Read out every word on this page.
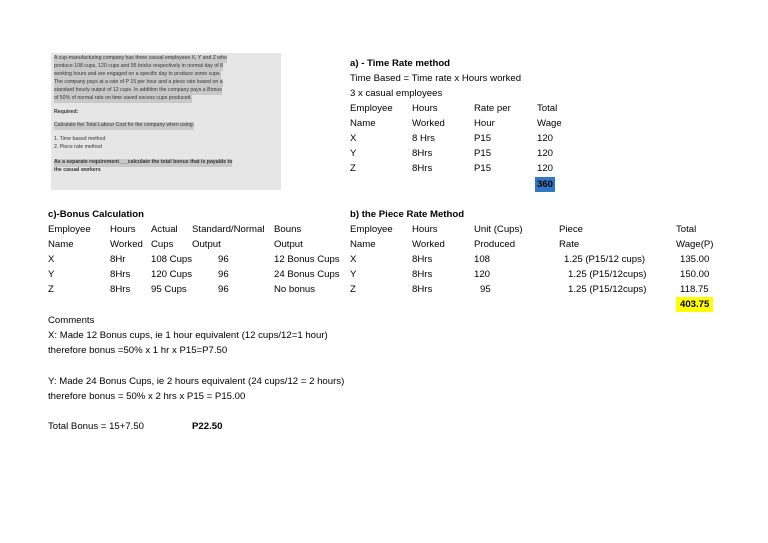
A cup-manufacturing company has three casual employees X, Y and Z who
produce 108 cups, 120 cups and 95 bricks respectively in normal day of 8
working hours and are engaged on a specific day to produce some cups.
The company pays at a rate of P 15 per hour and a piece rate based on a
standard hourly output of 12 cups. In addition the company pays a Bonus
of 50% of normal rate on time saved excess cups produced.
Required:
Calculate the Total Labour Cost for the company when using:
1. Time based method
2. Piece rate method
As a separate requirement___calculate the total bonus that is payable to
the casual workers
a) - Time Rate method
Time Based = Time rate x Hours worked
3 x casual employees
Employee Hours	Rate per	Total
Name	Worked	Hour	Wage
X	8 Hrs	P15	120
Y	8Hrs	P15	120
Z	8Hrs	P15	120
360
c)-Bonus Calculation
Employee Hours Actual Standard/Normal Bouns
Name	Worked Cups Output	Output
X	8Hr	108 Cups	96	12 Bonus Cups
Y	8Hrs 120 Cups	96	24 Bonus Cups
Z	8Hrs 95 Cups	96	No bonus
b) the Piece Rate Method
Employee Hours	Unit (Cups)	Piece	Total
Name	Worked	Produced	Rate	Wage(P)
X	8Hrs	108	1.25 (P15/12 cups)	135.00
Y	8Hrs	120	1.25 (P15/12cups)	150.00
Z	8Hrs	95	1.25 (P15/12cups)	118.75
403.75
Comments
X: Made 12 Bonus cups, ie 1 hour equivalent (12 cups/12=1 hour)
therefore bonus =50% x 1 hr x P15=P7.50
Y: Made 24 Bonus Cups, ie 2 hours equivalent (24 cups/12 = 2 hours)
therefore bonus = 50% x 2 hrs x P15 = P15.00
Total Bonus = 15+7.50	P22.50
